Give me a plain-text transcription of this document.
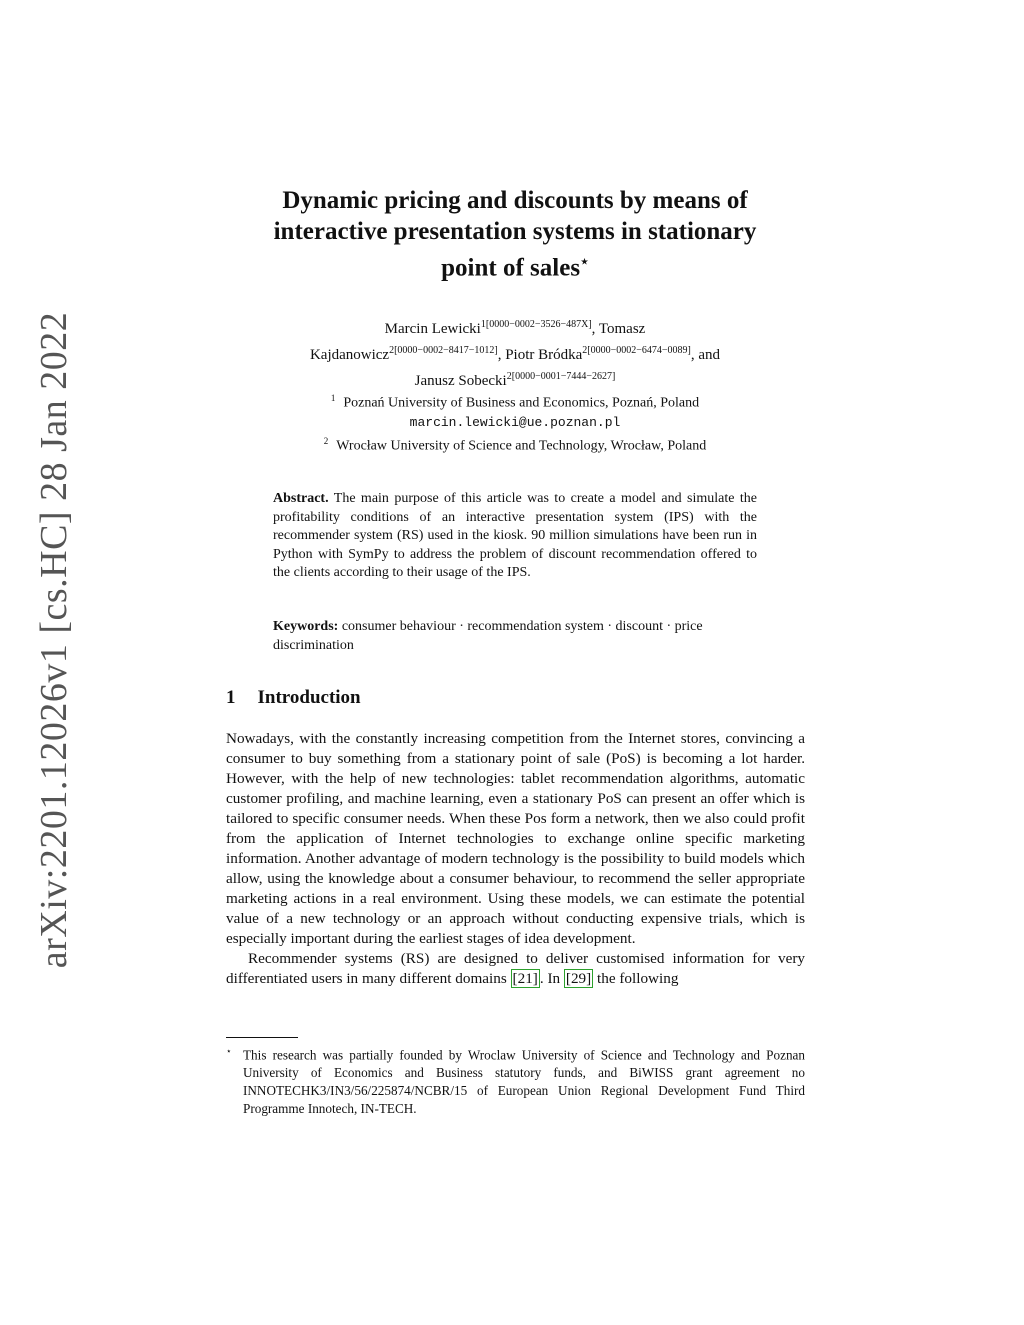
arXiv:2201.12026v1 [cs.HC] 28 Jan 2022
Dynamic pricing and discounts by means of
interactive presentation systems in stationary
point of sales⋆
Marcin Lewicki$^{1[0000-0002-3526-487X]}$, Tomasz
Kajdanowicz$^{2[0000-0002-8417-1012]}$, Piotr Bródka$^{2[0000-0002-6474-0089]}$, and
Janusz Sobecki$^{2[0000-0001-7444-2627]}$
$^1$ Poznań University of Business and Economics, Poznań, Poland
marcin.lewicki@ue.poznan.pl
$^2$ Wrocław University of Science and Technology, Wrocław, Poland
Abstract. The main purpose of this article was to create a model and simulate the profitability conditions of an interactive presentation system (IPS) with the recommender system (RS) used in the kiosk. 90 million simulations have been run in Python with SymPy to address the problem of discount recommendation offered to the clients according to their usage of the IPS.
Keywords: consumer behaviour · recommendation system · discount · price discrimination
1 Introduction

Nowadays, with the constantly increasing competition from the Internet stores, convincing a consumer to buy something from a stationary point of sale (PoS) is becoming a lot harder. However, with the help of new technologies: tablet recommendation algorithms, automatic customer profiling, and machine learning, even a stationary PoS can present an offer which is tailored to specific consumer needs. When these Pos form a network, then we also could profit from the application of Internet technologies to exchange online specific marketing information. Another advantage of modern technology is the possibility to build models which allow, using the knowledge about a consumer behaviour, to recommend the seller appropriate marketing actions in a real environment. Using these models, we can estimate the potential value of a new technology or an approach without conducting expensive trials, which is especially important during the earliest stages of idea development.

Recommender systems (RS) are designed to deliver customised information for very differentiated users in many different domains [21] . In [29] the following

⋆ This research was partially founded by Wroclaw University of Science and Technology and Poznan University of Economics and Business statutory funds, and BiWISS grant agreement no INNOTECHK3/IN3/56/225874/NCBR/15 of European Union Regional Development Fund Third Programme Innotech, IN-TECH.
